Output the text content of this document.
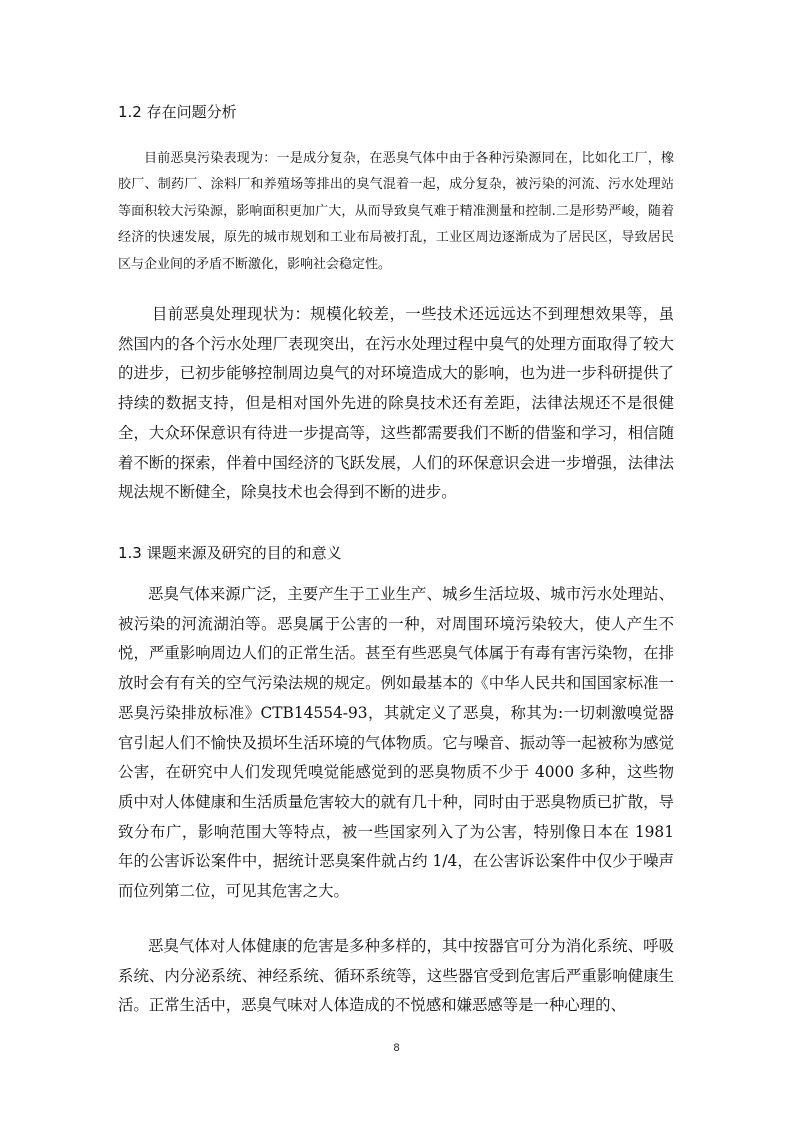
1.2 存在问题分析

目前恶臭污染表现为：一是成分复杂，在恶臭气体中由于各种污染源同在，比如化工厂，橡胶厂、制药厂、涂料厂和养殖场等排出的臭气混着一起，成分复杂，被污染的河流、污水处理站等面积较大污染源，影响面积更加广大，从而导致臭气难于精准测量和控制.二是形势严峻，随着经济的快速发展，原先的城市规划和工业布局被打乱，工业区周边逐渐成为了居民区，导致居民区与企业间的矛盾不断激化，影响社会稳定性。

目前恶臭处理现状为：规模化较差，一些技术还远远达不到理想效果等，虽然国内的各个污水处理厂表现突出，在污水处理过程中臭气的处理方面取得了较大的进步，已初步能够控制周边臭气的对环境造成大的影响，也为进一步科研提供了持续的数据支持，但是相对国外先进的除臭技术还有差距，法律法规还不是很健全，大众环保意识有待进一步提高等，这些都需要我们不断的借鉴和学习，相信随着不断的探索，伴着中国经济的飞跃发展，人们的环保意识会进一步增强，法律法规法规不断健全，除臭技术也会得到不断的进步。

1.3 课题来源及研究的目的和意义

恶臭气体来源广泛，主要产生于工业生产、城乡生活垃圾、城市污水处理站、被污染的河流湖泊等。恶臭属于公害的一种，对周围环境污染较大，使人产生不悦，严重影响周边人们的正常生活。甚至有些恶臭气体属于有毒有害污染物，在排放时会有有关的空气污染法规的规定。例如最基本的《中华人民共和国国家标准一恶臭污染排放标准》CTB14554-93，其就定义了恶臭，称其为:一切刺激嗅觉器官引起人们不愉快及损坏生活环境的气体物质。它与噪音、振动等一起被称为感觉公害，在研究中人们发现凭嗅觉能感觉到的恶臭物质不少于 4000 多种，这些物质中对人体健康和生活质量危害较大的就有几十种，同时由于恶臭物质已扩散，导致分布广，影响范围大等特点，被一些国家列入了为公害，特别像日本在 1981 年的公害诉讼案件中，据统计恶臭案件就占约 1/4，在公害诉讼案件中仅少于噪声而位列第二位，可见其危害之大。

恶臭气体对人体健康的危害是多种多样的，其中按器官可分为消化系统、呼吸系统、内分泌系统、神经系统、循环系统等，这些器官受到危害后严重影响健康生活。正常生活中，恶臭气味对人体造成的不悦感和嫌恶感等是一种心理的、

8
